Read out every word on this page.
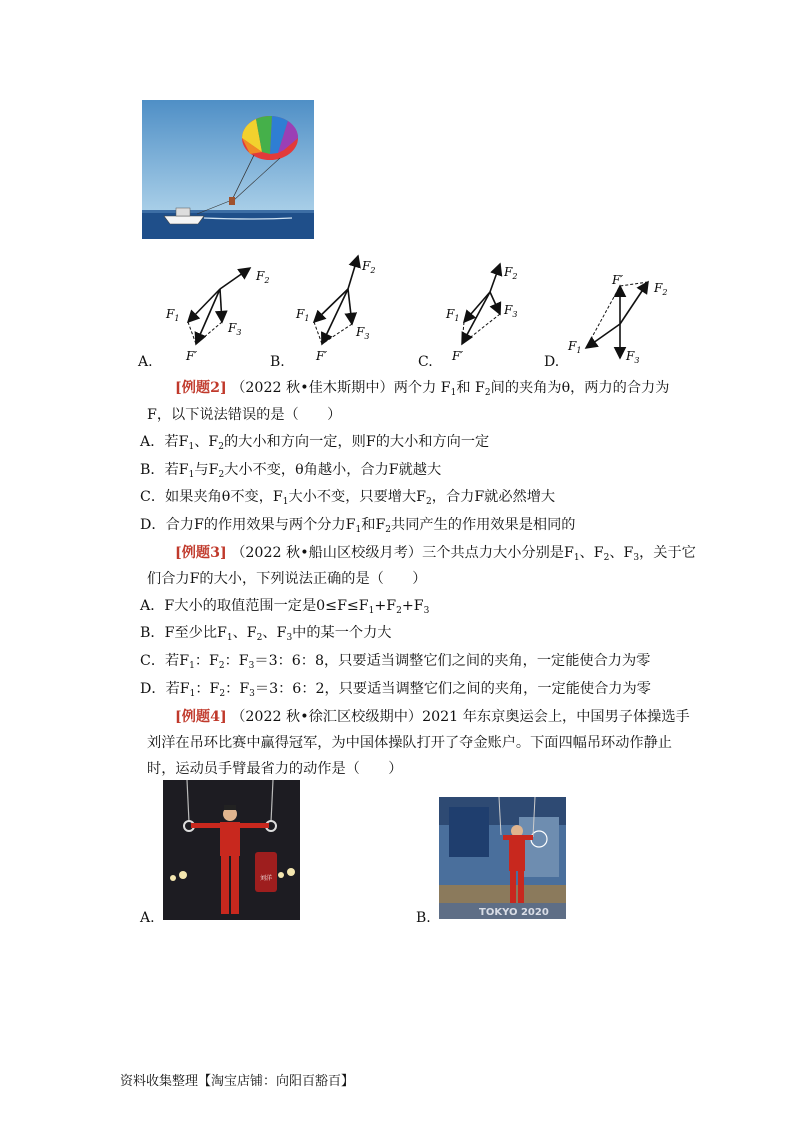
$F_2$
$F_1$
$F_3$
F′
$F_2$
$F_1$
$F_3$
F′
$F_2$
$F_1$
$F_3$
F′
$F_2$
$F_1$	$F_3$
F′
A.	B.	C.	D.
[例题2] （2022 秋•佳木斯期中）两个力 $F_1$和 $F_2$间的夹角为θ，两力的合力为
F，以下说法错误的是（　　）
A．若$F_1$、$F_2$的大小和方向一定，则F的大小和方向一定
B．若$F_1$与$F_2$大小不变，θ角越小，合力F就越大
C．如果夹角θ不变，$F_1$大小不变，只要增大$F_2$，合力F就必然增大
D．合力F的作用效果与两个分力$F_1$和$F_2$共同产生的作用效果是相同的
[例题3] （2022 秋•船山区校级月考）三个共点力大小分别是$F_1$、$F_2$、$F_3$，关于它
们合力F的大小，下列说法正确的是（　　）
A．F大小的取值范围一定是$0\le F\le F_1+F_2+F_3$
B．F至少比$F_1$、$F_2$、$F_3$中的某一个力大
C．若$F_1$：$F_2$：$F_3=3$：6：8，只要适当调整它们之间的夹角，一定能使合力为零
D．若$F_1$：$F_2$：$F_3=3$：6：2，只要适当调整它们之间的夹角，一定能使合力为零
[例题4] （2022 秋•徐汇区校级期中）2021 年东京奥运会上，中国男子体操选手
刘洋在吊环比赛中赢得冠军，为中国体操队打开了夺金账户。下面四幅吊环动作静止
时，运动员手臂最省力的动作是（　　）
刘洋
A.	TOKYO 2020
B.
资料收集整理【淘宝店铺：向阳百豁百】
